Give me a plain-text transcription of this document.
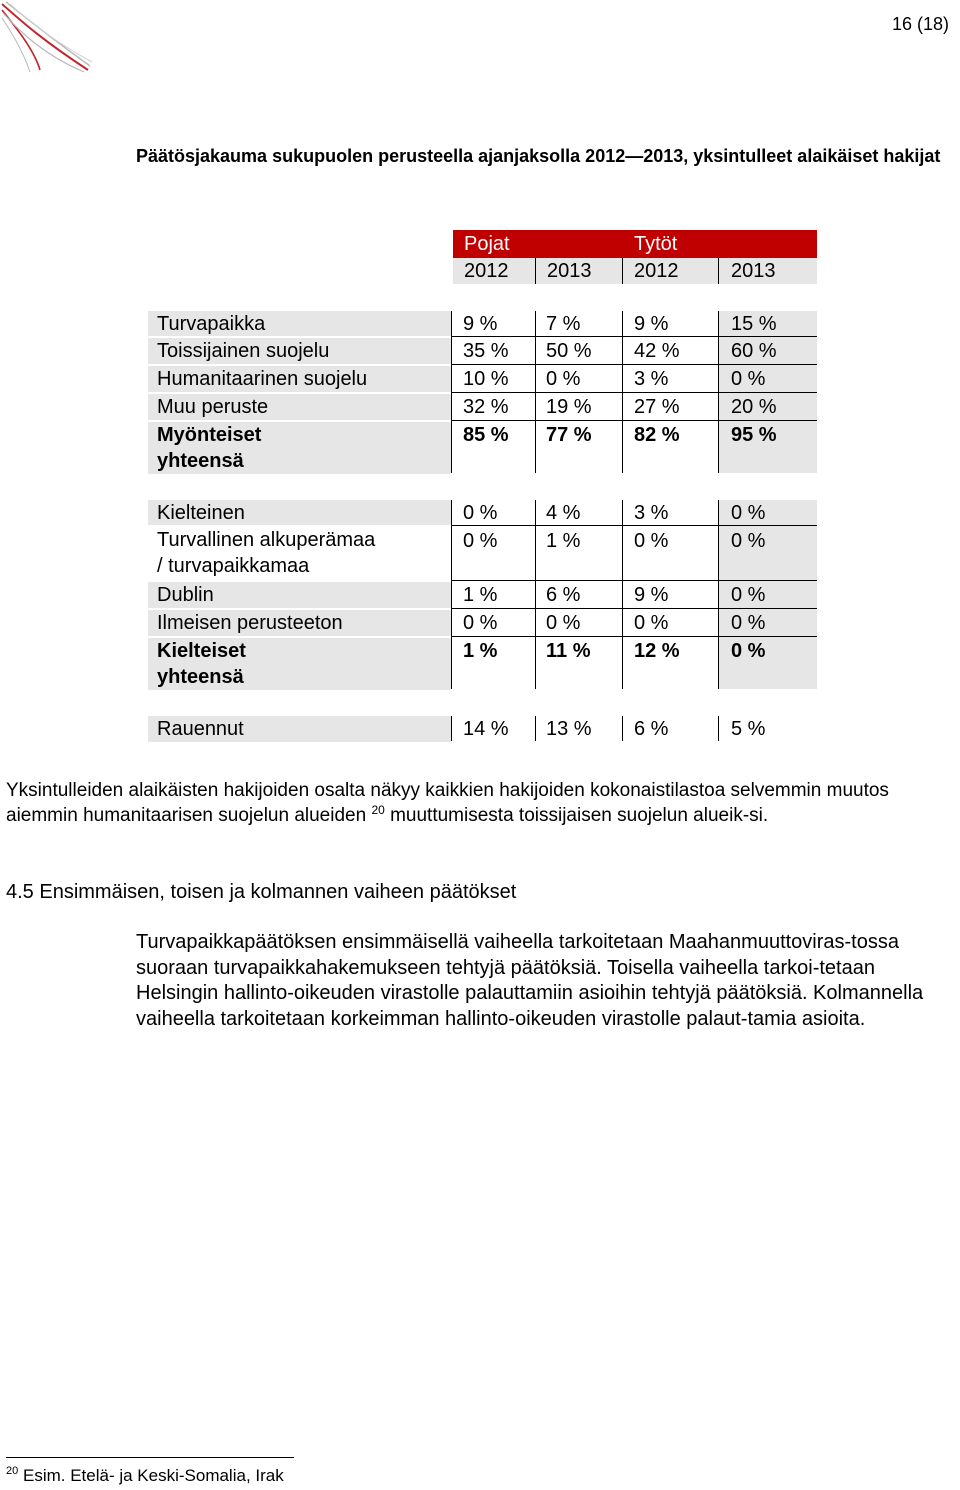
16 (18)
Päätösjakauma sukupuolen perusteella ajanjaksolla 2012—2013, yksintulleet alaikäiset hakijat
Pojat	Tytöt
2012 2013 2012	2013
Turvapaikka	9 % 7 %	9 %	15 %
Toissijainen suojelu	35 % 50 % 42 %	60 %
Humanitaarinen suojelu	10 % 0 %	3 %	0 %
Muu peruste	32 % 19 % 27 %	20 %
Myönteiset
yhteensä
85 % 77 % 82 %	95 %
Kielteinen	0 % 4 %	3 %	0 %
Turvallinen alkuperämaa
/ turvapaikkamaa
0 % 1 %	0 %	0 %
Dublin	1 % 6 %	9 %	0 %
Ilmeisen perusteeton	0 % 0 %	0 %	0 %
Kielteiset
yhteensä
1 % 11 % 12 %	0 %
Rauennut	14 % 13 % 6 %	5 %
Yksintulleiden alaikäisten hakijoiden osalta näkyy kaikkien hakijoiden kokonaistilastoa selvemmin muutos aiemmin humanitaarisen suojelun alueiden $^{20}$ muuttumisesta toissijaisen suojelun alueik-si.
4.5 Ensimmäisen, toisen ja kolmannen vaiheen päätökset
Turvapaikkapäätöksen ensimmäisellä vaiheella tarkoitetaan Maahanmuuttoviras-tossa suoraan turvapaikkahakemukseen tehtyjä päätöksiä. Toisella vaiheella tarkoi-tetaan Helsingin hallinto-oikeuden virastolle palauttamiin asioihin tehtyjä päätöksiä. Kolmannella vaiheella tarkoitetaan korkeimman hallinto-oikeuden virastolle palaut-tamia asioita.
$^{20}$ Esim. Etelä- ja Keski-Somalia, Irak
